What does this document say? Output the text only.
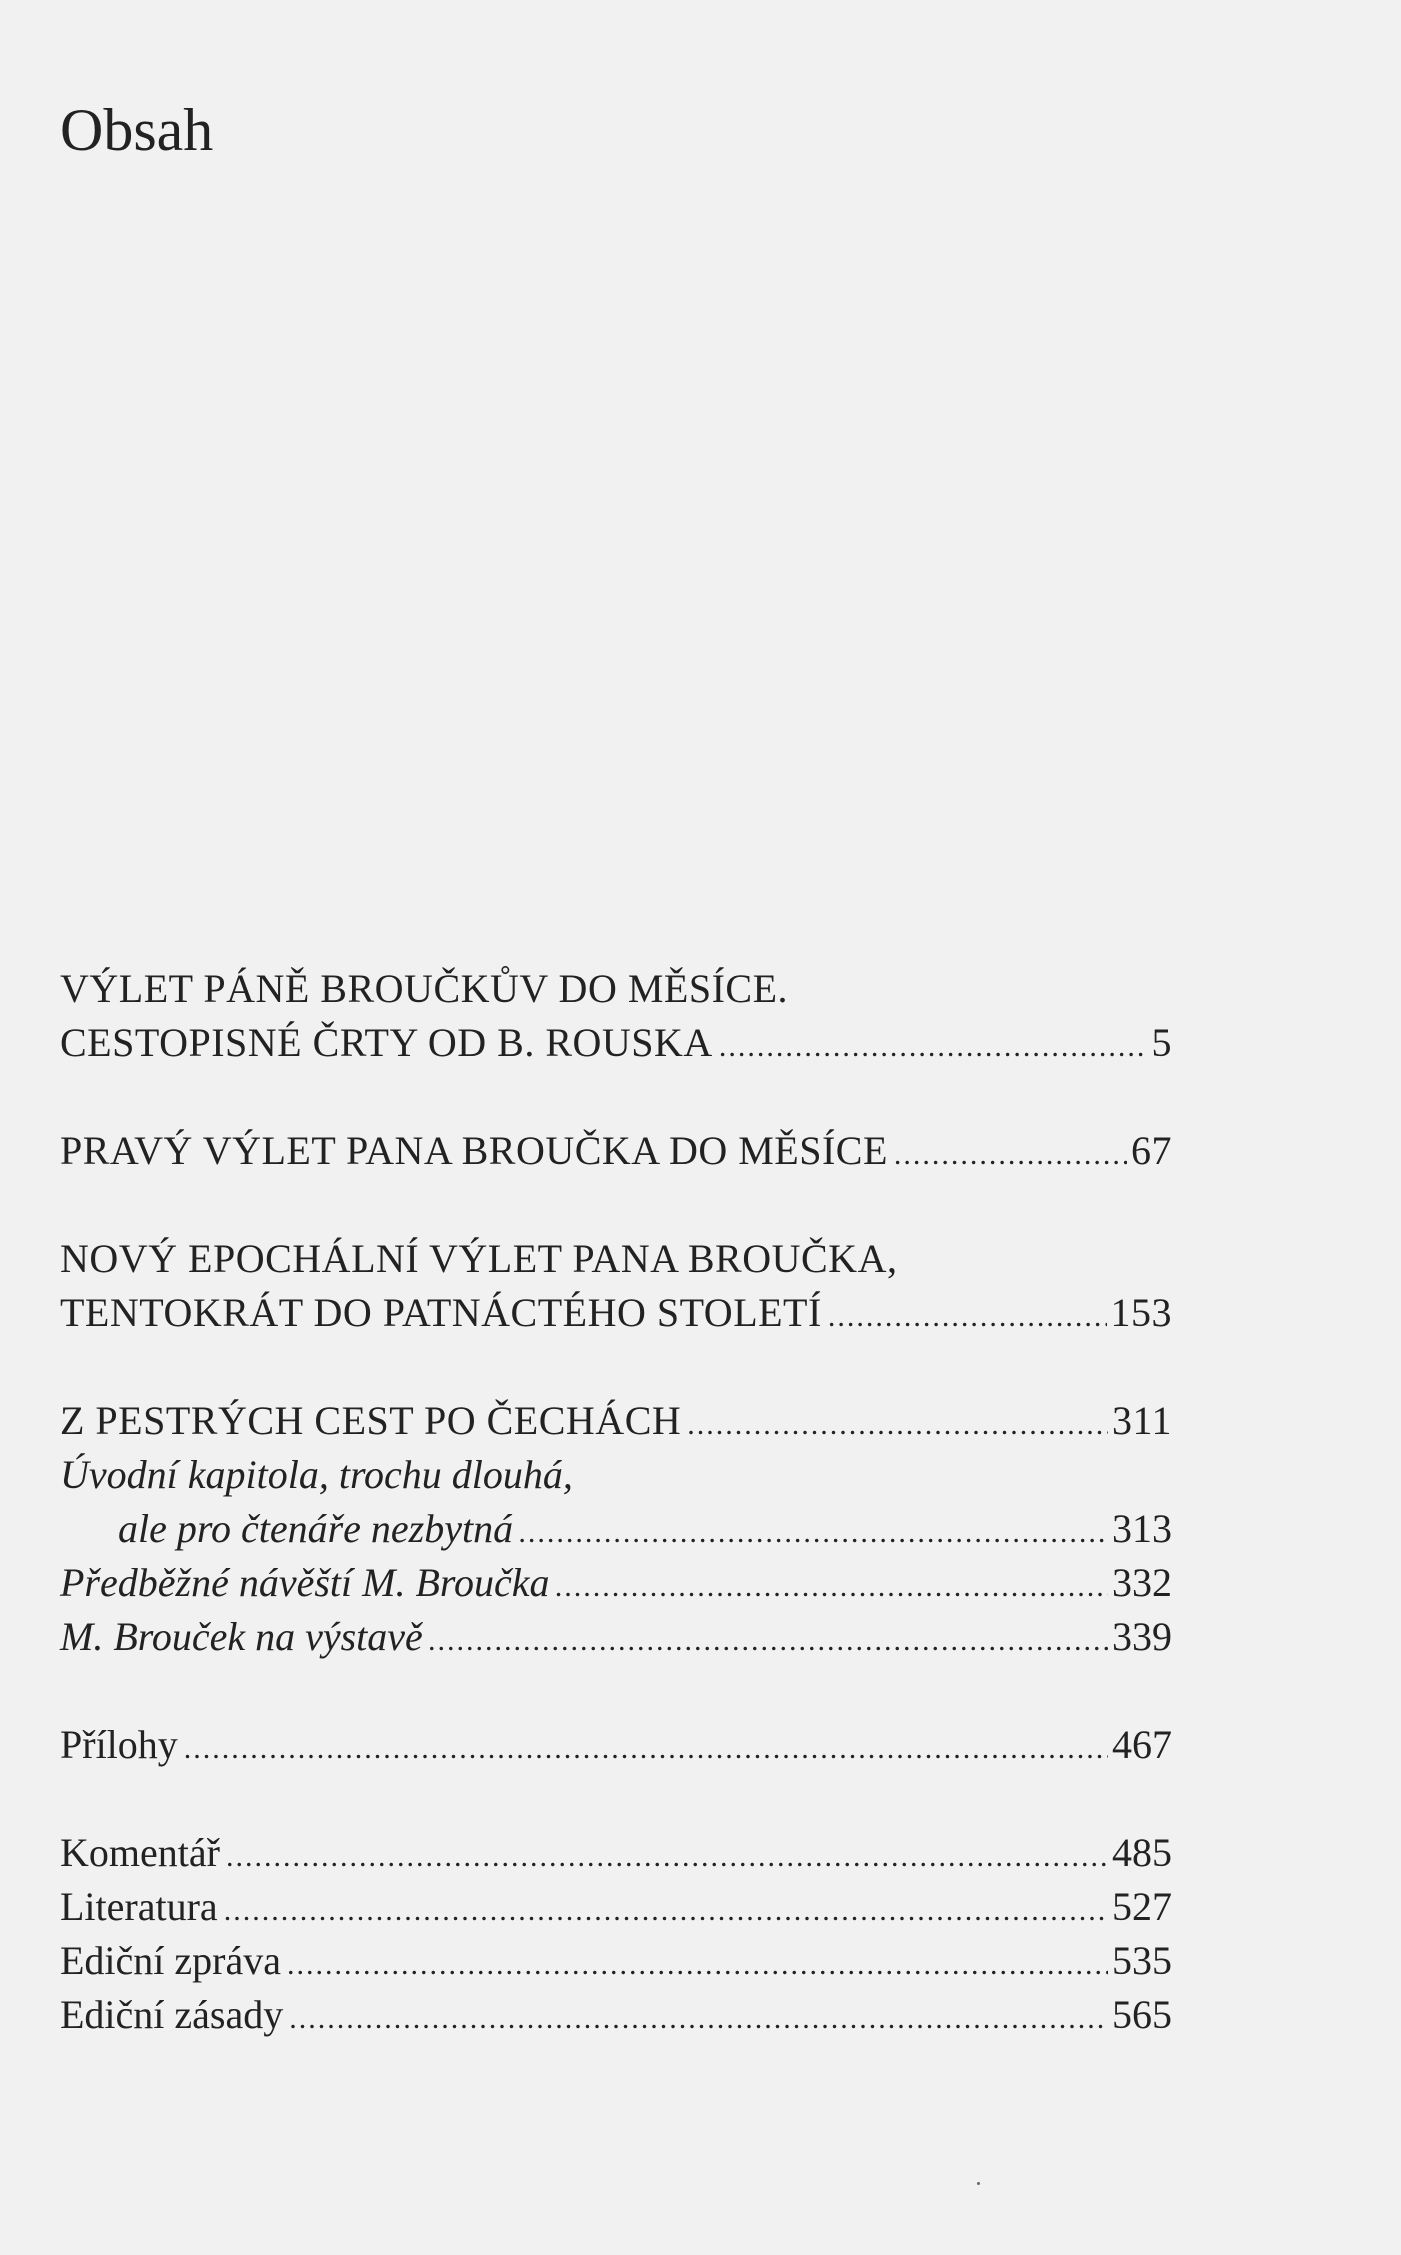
Obsah
VÝLET PÁNĚ BROUČKŮV DO MĚSÍCE.
CESTOPISNÉ ČRTY OD B. ROUSKA .....	5
PRAVÝ VÝLET PANA BROUČKA DO MĚSÍCE .....	67
NOVÝ EPOCHÁLNÍ VÝLET PANA BROUČKA,
TENTOKRÁT DO PATNÁCTÉHO STOLETÍ .....	153
Z PESTRÝCH CEST PO ČECHÁCH .....	311
Úvodní kapitola, trochu dlouhá,
ale pro čtenáře nezbytná .....	313
Předběžné návěští M. Broučka .....	332
M. Brouček na výstavě .....	339
Přílohy .....	467
Komentář .....	485
Literatura .....	527
Ediční zpráva .....	535
Ediční zásady .....	565
